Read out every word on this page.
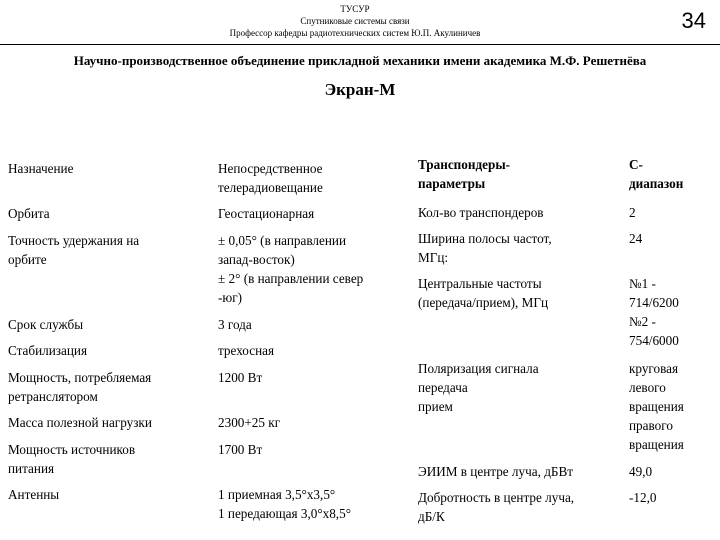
ТУСУР
Спутниковые системы связи
Профессор кафедры радиотехнических систем Ю.П. Акулиничев	34
Научно-производственное объединение прикладной механики имени академика М.Ф. Решетнёва
Экран-М
Назначение
Орбита
Точность удержания на
орбите
Срок службы
Стабилизация
Мощность, потребляемая
ретранслятором
Масса полезной нагрузки
Мощность источников
питания
Антенны
Непосредственное
телерадиовещание
Геостационарная
± 0,05° (в направлении
запад-восток)
± 2° (в направлении север
-юг)
3 года
трехосная
1200 Вт
2300+25 кг
1700 Вт
1 приемная 3,5°х3,5°
1 передающая 3,0°х8,5°
Транспондеры-
параметры
Кол-во транспондеров
Ширина полосы частот,
МГц:
Центральные частоты
(передача/прием), МГц
Поляризация сигнала
передача
прием
ЭИИМ в центре луча, дБВт
Добротность в центре луча,
дБ/К
С-
диапазон
2
24
№1 -
714/6200
№2 -
754/6000
круговая
левого
вращения
правого
вращения
49,0
-12,0
